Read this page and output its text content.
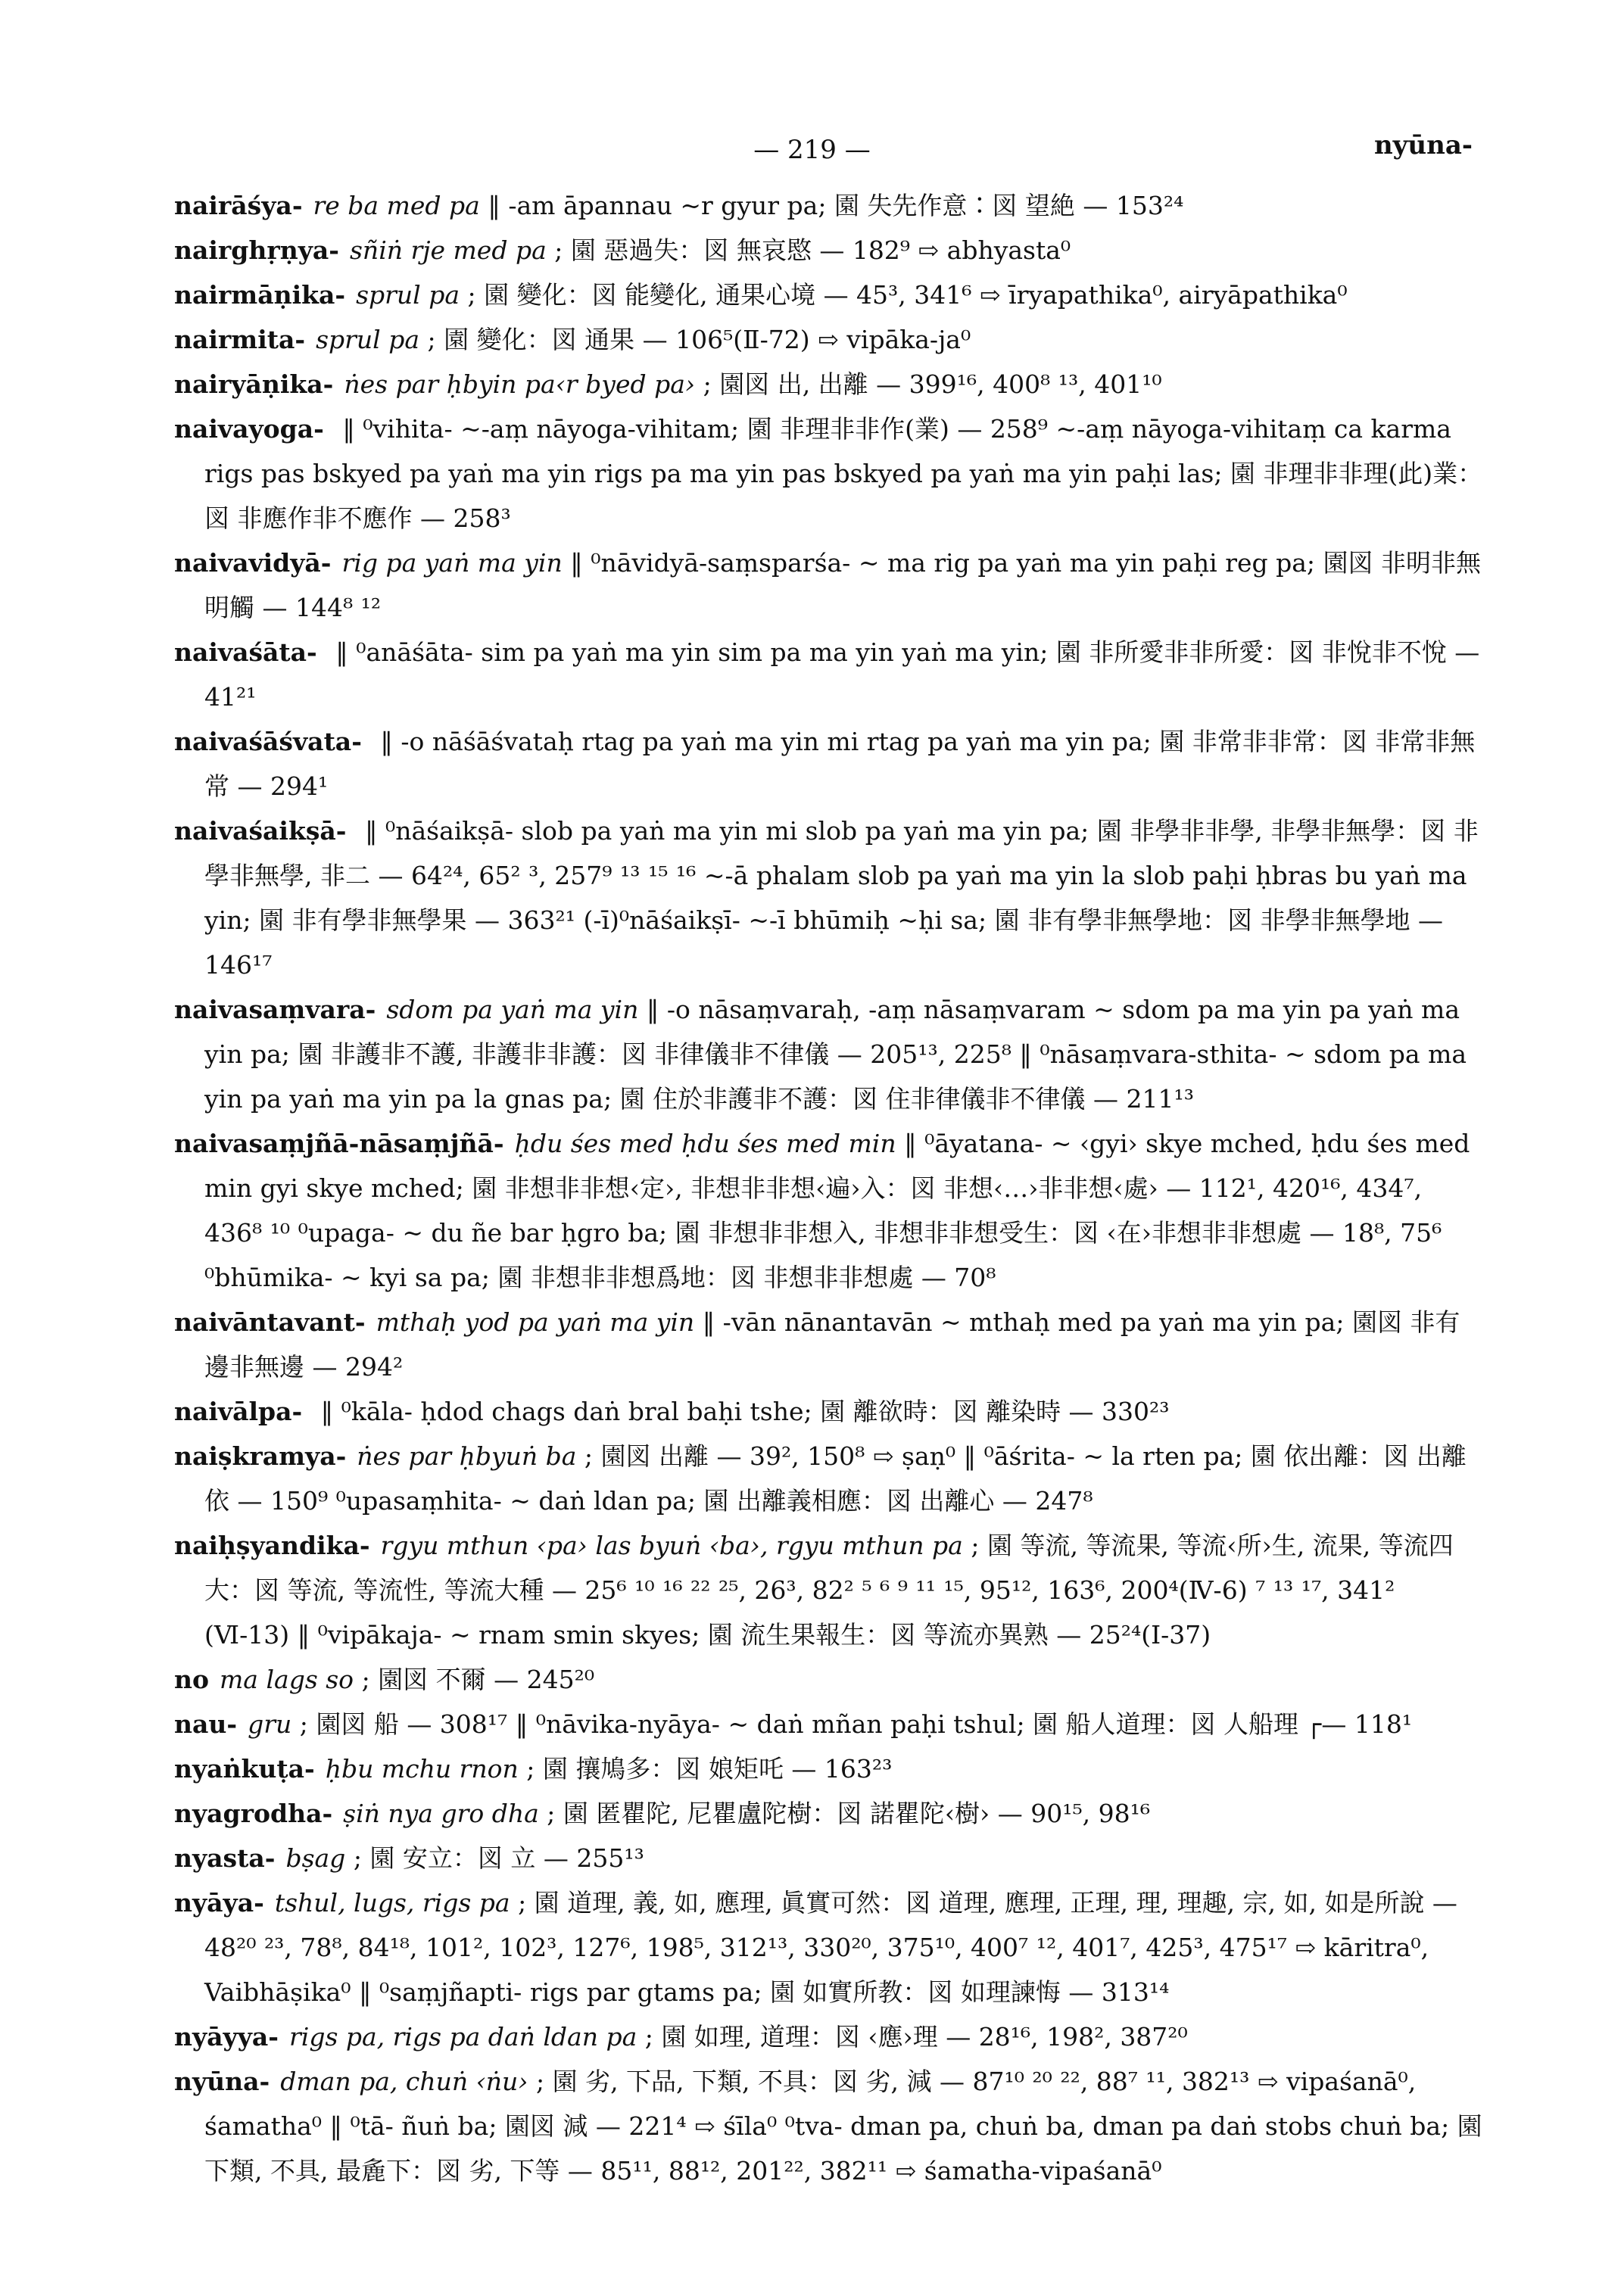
— 219 —	nyūna-

nairāśya- re ba med pa ‖ -am āpannau ~r gyur pa; 園 失先作意∶図 望絶 — 153²⁴

nairghṛṇya- sñiṅ rje med pa ; 園 惡過失：図 無哀愍 — 182⁹ ⇨ abhyasta⁰

nairmāṇika- sprul pa ; 園 變化：図 能變化, 通果心境 — 45³, 341⁶ ⇨ īryapathika⁰, airyāpathika⁰

nairmita- sprul pa ; 園 變化：図 通果 — 106⁵(Ⅱ-72) ⇨ vipāka-ja⁰

nairyāṇika- ṅes par ḥbyin pa‹r byed pa› ; 園図 出, 出離 — 399¹⁶, 400⁸ ¹³, 401¹⁰

naivayoga- ‖ ⁰vihita- ~-aṃ nāyoga-vihitam; 園 非理非非作(業) — 258⁹ ~-aṃ nāyoga-vihitaṃ ca karma rigs pas bskyed pa yaṅ ma yin rigs pa ma yin pas bskyed pa yaṅ ma yin paḥi las; 園 非理非非理(此)業：図 非應作非不應作 — 258³

naivavidyā- rig pa yaṅ ma yin ‖ ⁰nāvidyā-saṃsparśa- ~ ma rig pa yaṅ ma yin paḥi reg pa; 園図 非明非無明觸 — 144⁸ ¹²

naivaśāta- ‖ ⁰anāśāta- sim pa yaṅ ma yin sim pa ma yin yaṅ ma yin; 園 非所愛非非所愛：図 非悅非不悅 — 41²¹

naivaśāśvata- ‖ -o nāśāśvataḥ rtag pa yaṅ ma yin mi rtag pa yaṅ ma yin pa; 園 非常非非常：図 非常非無常 — 294¹

naivaśaikṣā- ‖ ⁰nāśaikṣā- slob pa yaṅ ma yin mi slob pa yaṅ ma yin pa; 園 非學非非學, 非學非無學：図 非學非無學, 非二 — 64²⁴, 65² ³, 257⁹ ¹³ ¹⁵ ¹⁶ ~-ā phalam slob pa yaṅ ma yin la slob paḥi ḥbras bu yaṅ ma yin; 園 非有學非無學果 — 363²¹ (-ī)⁰nāśaikṣī- ~-ī bhūmiḥ ~ḥi sa; 園 非有學非無學地：図 非學非無學地 — 146¹⁷

naivasaṃvara- sdom pa yaṅ ma yin ‖ -o nāsaṃvaraḥ, -aṃ nāsaṃvaram ~ sdom pa ma yin pa yaṅ ma yin pa; 園 非護非不護, 非護非非護：図 非律儀非不律儀 — 205¹³, 225⁸ ‖ ⁰nāsaṃvara-sthita- ~ sdom pa ma yin pa yaṅ ma yin pa la gnas pa; 園 住於非護非不護：図 住非律儀非不律儀 — 211¹³

naivasaṃjñā-nāsaṃjñā- ḥdu śes med ḥdu śes med min ‖ ⁰āyatana- ~ ‹gyi› skye mched, ḥdu śes med min gyi skye mched; 園 非想非非想‹定›, 非想非非想‹遍›入：図 非想‹…›非非想‹處› — 112¹, 420¹⁶, 434⁷, 436⁸ ¹⁰ ⁰upaga- ~ du ñe bar ḥgro ba; 園 非想非非想入, 非想非非想受生：図 ‹在›非想非非想處 — 18⁸, 75⁶ ⁰bhūmika- ~ kyi sa pa; 園 非想非非想爲地：図 非想非非想處 — 70⁸

naivāntavant- mthaḥ yod pa yaṅ ma yin ‖ -vān nānantavān ~ mthaḥ med pa yaṅ ma yin pa; 園図 非有邊非無邊 — 294²

naivālpa- ‖ ⁰kāla- ḥdod chags daṅ bral baḥi tshe; 園 離欲時：図 離染時 — 330²³

naiṣkramya- ṅes par ḥbyuṅ ba ; 園図 出離 — 39², 150⁸ ⇨ ṣaṇ⁰ ‖ ⁰āśrita- ~ la rten pa; 園 依出離：図 出離依 — 150⁹ ⁰upasaṃhita- ~ daṅ ldan pa; 園 出離義相應：図 出離心 — 247⁸

naiḥṣyandika- rgyu mthun ‹pa› las byuṅ ‹ba›, rgyu mthun pa ; 園 等流, 等流果, 等流‹所›生, 流果, 等流四大：図 等流, 等流性, 等流大種 — 25⁶ ¹⁰ ¹⁶ ²² ²⁵, 26³, 82² ⁵ ⁶ ⁹ ¹¹ ¹⁵, 95¹², 163⁶, 200⁴(Ⅳ-6) ⁷ ¹³ ¹⁷, 341² (Ⅵ-13) ‖ ⁰vipākaja- ~ rnam smin skyes; 園 流生果報生：図 等流亦異熟 — 25²⁴(Ⅰ-37)

no ma lags so ; 園図 不爾 — 245²⁰

nau- gru ; 園図 船 — 308¹⁷ ‖ ⁰nāvika-nyāya- ~ daṅ mñan paḥi tshul; 園 船人道理：図 人船理 ┌— 118¹

nyaṅkuṭa- ḥbu mchu rnon ; 園 攘鳩多：図 娘矩吒 — 163²³

nyagrodha- ṣiṅ nya gro dha ; 園 匿瞿陀, 尼瞿盧陀樹：図 諾瞿陀‹樹› — 90¹⁵, 98¹⁶

nyasta- bṣag ; 園 安立：図 立 — 255¹³

nyāya- tshul, lugs, rigs pa ; 園 道理, 義, 如, 應理, 眞實可然：図 道理, 應理, 正理, 理, 理趣, 宗, 如, 如是所說 — 48²⁰ ²³, 78⁸, 84¹⁸, 101², 102³, 127⁶, 198⁵, 312¹³, 330²⁰, 375¹⁰, 400⁷ ¹², 401⁷, 425³, 475¹⁷ ⇨ kāritra⁰, Vaibhāṣika⁰ ‖ ⁰saṃjñapti- rigs par gtams pa; 園 如實所教：図 如理諫悔 — 313¹⁴

nyāyya- rigs pa, rigs pa daṅ ldan pa ; 園 如理, 道理：図 ‹應›理 — 28¹⁶, 198², 387²⁰

nyūna- dman pa, chuṅ ‹ṅu› ; 園 劣, 下品, 下類, 不具：図 劣, 減 — 87¹⁰ ²⁰ ²², 88⁷ ¹¹, 382¹³ ⇨ vipaśanā⁰, śamatha⁰ ‖ ⁰tā- ñuṅ ba; 園図 減 — 221⁴ ⇨ śīla⁰ ⁰tva- dman pa, chuṅ ba, dman pa daṅ stobs chuṅ ba; 園 下類, 不具, 最麁下：図 劣, 下等 — 85¹¹, 88¹², 201²², 382¹¹ ⇨ śamatha-vipaśanā⁰
